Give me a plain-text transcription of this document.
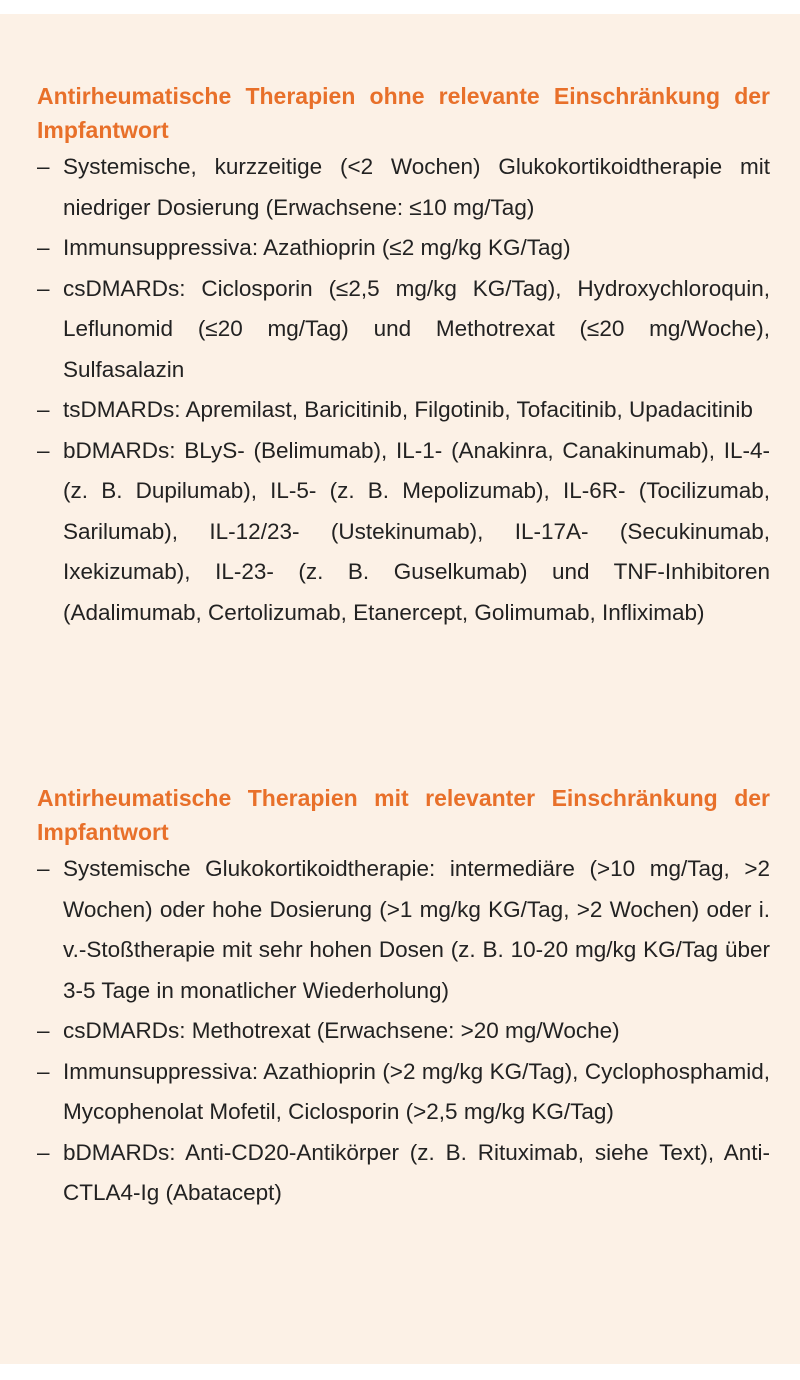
Antirheumatische Therapien ohne relevante Einschränkung der Impfantwort
– Systemische, kurzzeitige (<2 Wochen) Glukokortikoidtherapie mit niedriger Dosierung (Erwachsene: ≤10 mg/Tag)
– Immunsuppressiva: Azathioprin (≤2 mg/kg KG/Tag)
– csDMARDs: Ciclosporin (≤2,5 mg/kg KG/Tag), Hydroxychloroquin, Leflunomid (≤20 mg/Tag) und Methotrexat (≤20 mg/Woche), Sulfasalazin
– tsDMARDs: Apremilast, Baricitinib, Filgotinib, Tofacitinib, Upadacitinib
– bDMARDs: BLyS- (Belimumab), IL-1- (Anakinra, Canakinumab), IL-4- (z. B. Dupilumab), IL-5- (z. B. Mepolizumab), IL-6R- (Tocilizumab, Sarilumab), IL-12/23- (Ustekinumab), IL-17A- (Secukinumab, Ixekizumab), IL-23- (z. B. Guselkumab) und TNF-Inhibitoren (Adalimumab, Certolizumab, Etanercept, Golimumab, Infliximab)
Antirheumatische Therapien mit relevanter Einschränkung der Impfantwort
– Systemische Glukokortikoidtherapie: intermediäre (>10 mg/Tag, >2 Wochen) oder hohe Dosierung (>1 mg/kg KG/Tag, >2 Wochen) oder i. v.-Stoßtherapie mit sehr hohen Dosen (z. B. 10-20 mg/kg KG/Tag über 3-5 Tage in monatlicher Wiederholung)
– csDMARDs: Methotrexat (Erwachsene: >20 mg/Woche)
– Immunsuppressiva: Azathioprin (>2 mg/kg KG/Tag), Cyclophosphamid, Mycophenolat Mofetil, Ciclosporin (>2,5 mg/kg KG/Tag)
– bDMARDs: Anti-CD20-Antikörper (z. B. Rituximab, siehe Text), Anti-CTLA4-Ig (Abatacept)
